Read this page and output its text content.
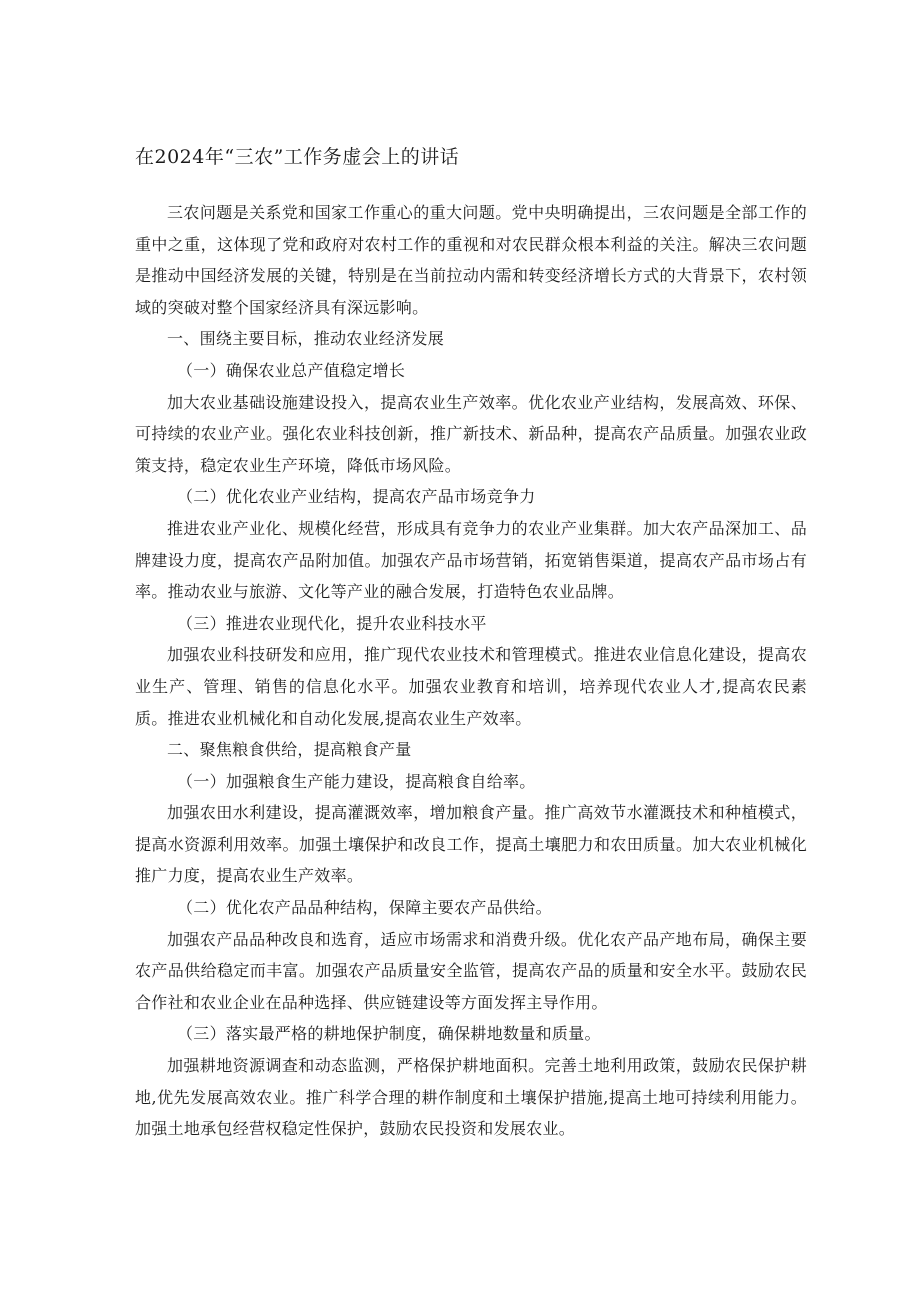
在2024年“三农”工作务虚会上的讲话

三农问题是关系党和国家工作重心的重大问题。党中央明确提出，三农问题是全部工作的重中之重，这体现了党和政府对农村工作的重视和对农民群众根本利益的关注。解决三农问题是推动中国经济发展的关键，特别是在当前拉动内需和转变经济增长方式的大背景下，农村领域的突破对整个国家经济具有深远影响。

一、围绕主要目标，推动农业经济发展

（一）确保农业总产值稳定增长

加大农业基础设施建设投入，提高农业生产效率。优化农业产业结构，发展高效、环保、可持续的农业产业。强化农业科技创新，推广新技术、新品种，提高农产品质量。加强农业政策支持，稳定农业生产环境，降低市场风险。

（二）优化农业产业结构，提高农产品市场竞争力

推进农业产业化、规模化经营，形成具有竞争力的农业产业集群。加大农产品深加工、品牌建设力度，提高农产品附加值。加强农产品市场营销，拓宽销售渠道，提高农产品市场占有率。推动农业与旅游、文化等产业的融合发展，打造特色农业品牌。

（三）推进农业现代化，提升农业科技水平

加强农业科技研发和应用，推广现代农业技术和管理模式。推进农业信息化建设，提高农业生产、管理、销售的信息化水平。加强农业教育和培训，培养现代农业人才,提高农民素质。推进农业机械化和自动化发展,提高农业生产效率。

二、聚焦粮食供给，提高粮食产量

（一）加强粮食生产能力建设，提高粮食自给率。

加强农田水利建设，提高灌溉效率，增加粮食产量。推广高效节水灌溉技术和种植模式，提高水资源利用效率。加强土壤保护和改良工作，提高土壤肥力和农田质量。加大农业机械化推广力度，提高农业生产效率。

（二）优化农产品品种结构，保障主要农产品供给。

加强农产品品种改良和选育，适应市场需求和消费升级。优化农产品产地布局，确保主要农产品供给稳定而丰富。加强农产品质量安全监管，提高农产品的质量和安全水平。鼓励农民合作社和农业企业在品种选择、供应链建设等方面发挥主导作用。

（三）落实最严格的耕地保护制度，确保耕地数量和质量。

加强耕地资源调查和动态监测，严格保护耕地面积。完善土地利用政策，鼓励农民保护耕地,优先发展高效农业。推广科学合理的耕作制度和土壤保护措施,提高土地可持续利用能力。加强土地承包经营权稳定性保护，鼓励农民投资和发展农业。
